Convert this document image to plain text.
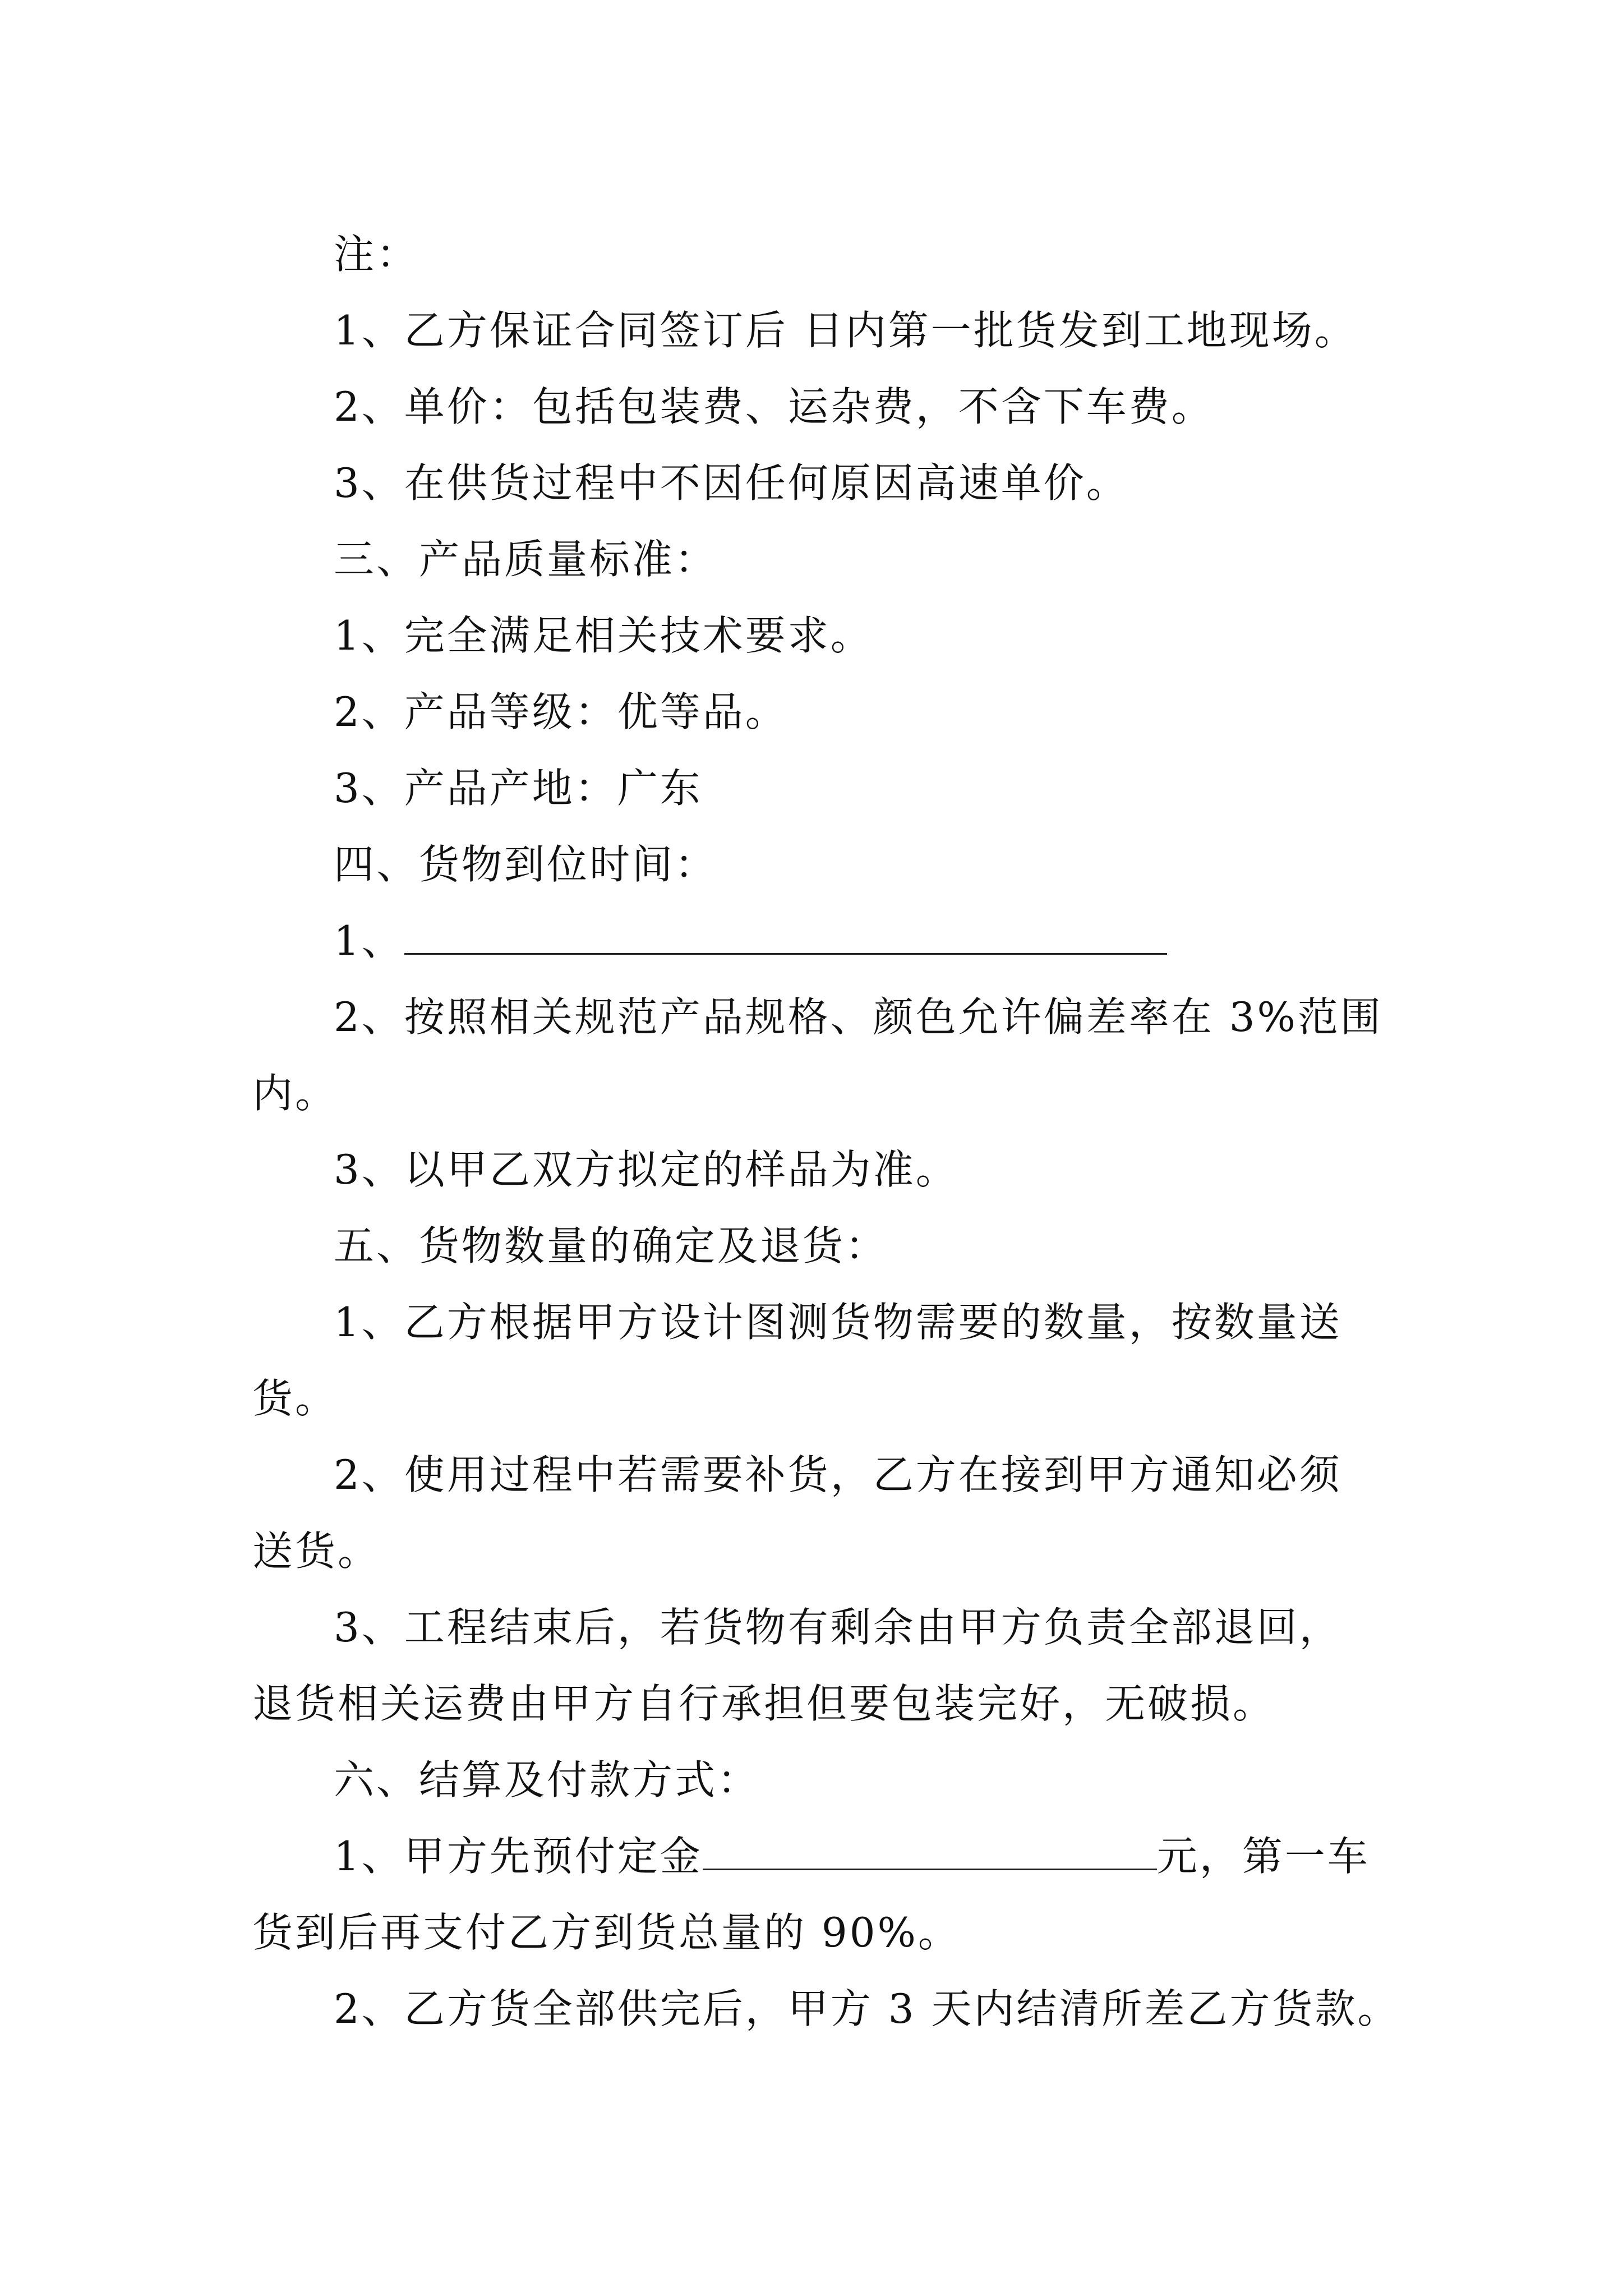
注：
1、乙方保证合同签订后 日内第一批货发到工地现场。
2、单价：包括包装费、运杂费，不含下车费。
3、在供货过程中不因任何原因高速单价。
三、产品质量标准：
1、完全满足相关技术要求。
2、产品等级：优等品。
3、产品产地：广东
四、货物到位时间：
1、
2、按照相关规范产品规格、颜色允许偏差率在 3%范围
内。
3、以甲乙双方拟定的样品为准。
五、货物数量的确定及退货：
1、乙方根据甲方设计图测货物需要的数量，按数量送
货。
2、使用过程中若需要补货，乙方在接到甲方通知必须
送货。
3、工程结束后，若货物有剩余由甲方负责全部退回，
退货相关运费由甲方自行承担但要包装完好，无破损。
六、结算及付款方式：
1、甲方先预付定金	元，第一车
货到后再支付乙方到货总量的 90%。
2、乙方货全部供完后，甲方 3 天内结清所差乙方货款。
